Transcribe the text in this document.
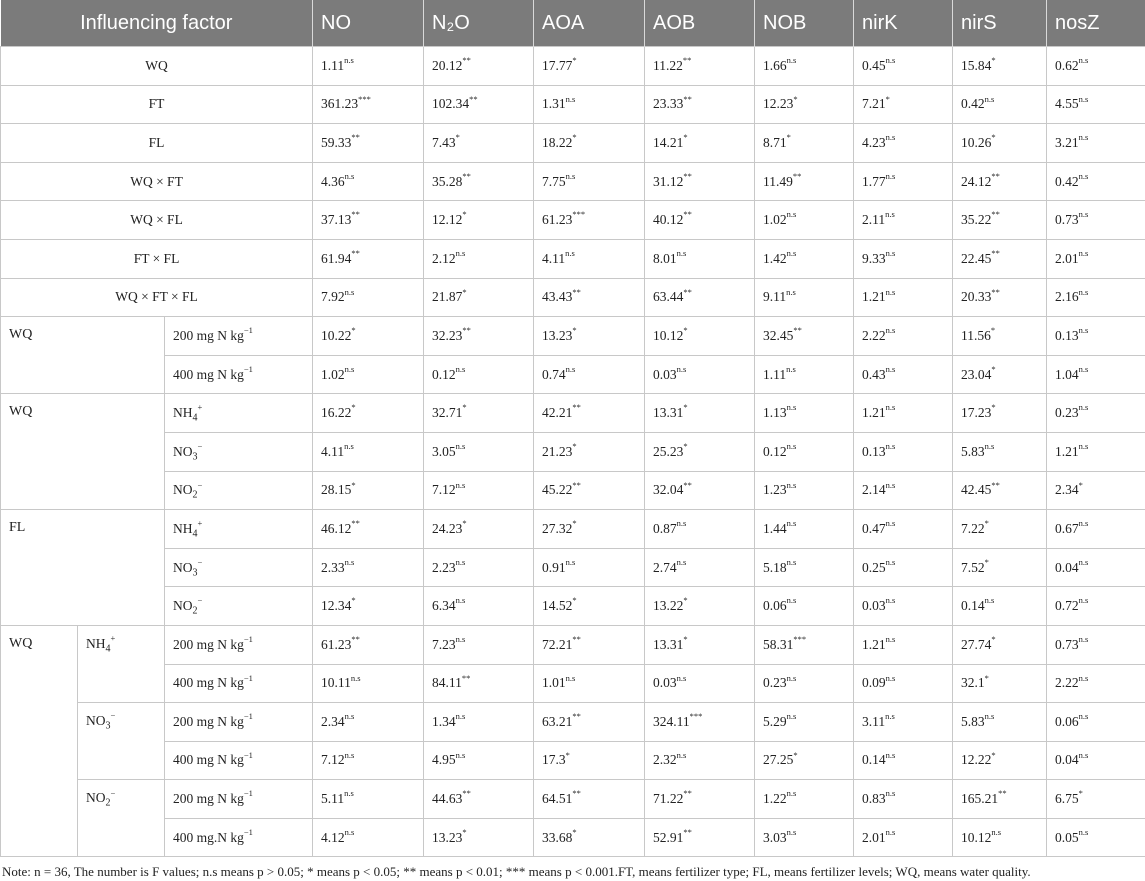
Influencing factor			NO	N₂O	AOA	AOB	NOB	nirK	nirS	nosZ
WQ			$1.11^{n.s}$	20.12**	17.77*	11.22**	$1.66^{n.s}$	$0.45^{n.s}$	15.84*	$0.62^{n.s}$
FT			361.23***	102.34**	$1.31^{n.s}$	23.33**	12.23*	7.21*	$0.42^{n.s}$	$4.55^{n.s}$
FL			59.33**	7.43*	18.22*	14.21*	8.71*	$4.23^{n.s}$	10.26*	$3.21^{n.s}$
WQ × FT			$4.36^{n.s}$	35.28**	$7.75^{n.s}$	31.12**	11.49**	$1.77^{n.s}$	24.12**	$0.42^{n.s}$
WQ × FL			37.13**	12.12*	61.23***	40.12**	$1.02^{n.s}$	$2.11^{n.s}$	35.22**	$0.73^{n.s}$
FT × FL			61.94**	$2.12^{n.s}$	$4.11^{n.s}$	$8.01^{n.s}$	$1.42^{n.s}$	$9.33^{n.s}$	22.45**	$2.01^{n.s}$
WQ × FT × FL			$7.92^{n.s}$	21.87*	43.43**	63.44**	$9.11^{n.s}$	$1.21^{n.s}$	20.33**	$2.16^{n.s}$
WQ		200 mg N $kg^{-1}$	10.22*	32.23**	13.23*	10.12*	32.45**	$2.22^{n.s}$	11.56*	$0.13^{n.s}$
		400 mg N $kg^{-1}$	$1.02^{n.s}$	$0.12^{n.s}$	$0.74^{n.s}$	$0.03^{n.s}$	$1.11^{n.s}$	$0.43^{n.s}$	23.04*	$1.04^{n.s}$
WQ		$NH_4^+$	16.22*	32.71*	42.21**	13.31*	$1.13^{n.s}$	$1.21^{n.s}$	17.23*	$0.23^{n.s}$
		$NO_3^-$	$4.11^{n.s}$	$3.05^{n.s}$	21.23*	25.23*	$0.12^{n.s}$	$0.13^{n.s}$	$5.83^{n.s}$	$1.21^{n.s}$
		$NO_2^-$	28.15*	$7.12^{n.s}$	45.22**	32.04**	$1.23^{n.s}$	$2.14^{n.s}$	42.45**	2.34*
FL		$NH_4^+$	46.12**	24.23*	27.32*	$0.87^{n.s}$	$1.44^{n.s}$	$0.47^{n.s}$	7.22*	$0.67^{n.s}$
		$NO_3^-$	$2.33^{n.s}$	$2.23^{n.s}$	$0.91^{n.s}$	$2.74^{n.s}$	$5.18^{n.s}$	$0.25^{n.s}$	7.52*	$0.04^{n.s}$
		$NO_2^-$	12.34*	$6.34^{n.s}$	14.52*	13.22*	$0.06^{n.s}$	$0.03^{n.s}$	$0.14^{n.s}$	$0.72^{n.s}$
WQ	$NH_4^+$	200 mg N $kg^{-1}$	61.23**	$7.23^{n.s}$	72.21**	13.31*	58.31***	$1.21^{n.s}$	27.74*	$0.73^{n.s}$
		400 mg N $kg^{-1}$	$10.11^{n.s}$	84.11**	$1.01^{n.s}$	$0.03^{n.s}$	$0.23^{n.s}$	$0.09^{n.s}$	32.1*	$2.22^{n.s}$
	$NO_3^-$	200 mg N $kg^{-1}$	$2.34^{n.s}$	$1.34^{n.s}$	63.21**	324.11***	$5.29^{n.s}$	$3.11^{n.s}$	$5.83^{n.s}$	$0.06^{n.s}$
		400 mg N $kg^{-1}$	$7.12^{n.s}$	$4.95^{n.s}$	17.3*	$2.32^{n.s}$	27.25*	$0.14^{n.s}$	12.22*	$0.04^{n.s}$
	$NO_2^-$	200 mg N $kg^{-1}$	$5.11^{n.s}$	44.63**	64.51**	71.22**	$1.22^{n.s}$	$0.83^{n.s}$	165.21**	6.75*
		400 mg.N $kg^{-1}$	$4.12^{n.s}$	13.23*	33.68*	52.91**	$3.03^{n.s}$	$2.01^{n.s}$	$10.12^{n.s}$	$0.05^{n.s}$
Note: n = 36, The number is F values; n.s means p > 0.05; * means p < 0.05; ** means p < 0.01; *** means p < 0.001.FT, means fertilizer type; FL, means fertilizer levels; WQ, means water quality.
